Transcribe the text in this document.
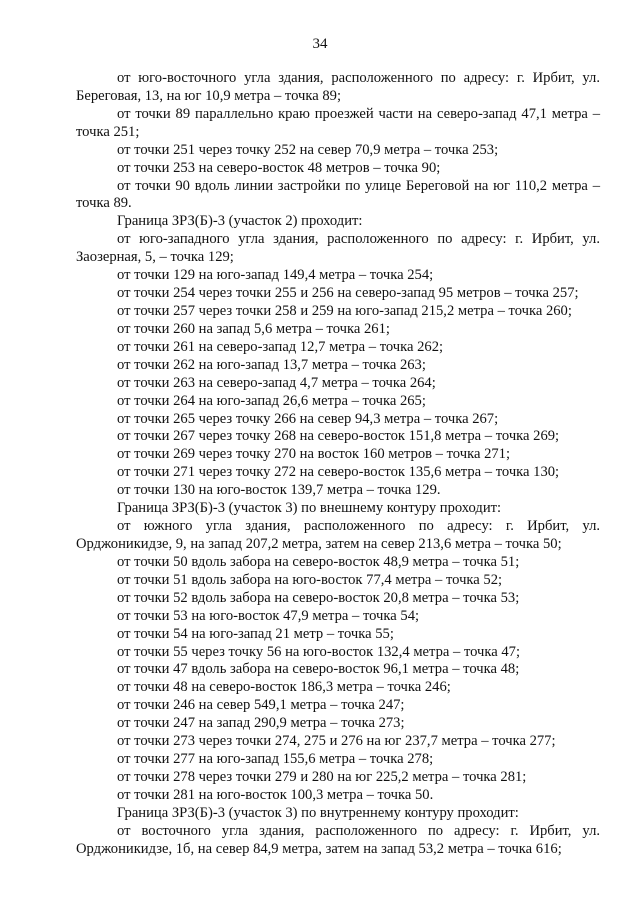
34

от юго-восточного угла здания, расположенного по адресу: г. Ирбит, ул. Береговая, 13, на юг 10,9 метра – точка 89;

от точки 89 параллельно краю проезжей части на северо-запад 47,1 метра – точка 251;

от точки 251 через точку 252 на север 70,9 метра – точка 253;

от точки 253 на северо-восток 48 метров – точка 90;

от точки 90 вдоль линии застройки по улице Береговой на юг 110,2 метра – точка 89.

Граница ЗРЗ(Б)-3 (участок 2) проходит:

от юго-западного угла здания, расположенного по адресу: г. Ирбит, ул. Заозерная, 5, – точка 129;

от точки 129 на юго-запад 149,4 метра – точка 254;

от точки 254 через точки 255 и 256 на северо-запад 95 метров – точка 257;

от точки 257 через точки 258 и 259 на юго-запад 215,2 метра – точка 260;

от точки 260 на запад 5,6 метра – точка 261;

от точки 261 на северо-запад 12,7 метра – точка 262;

от точки 262 на юго-запад 13,7 метра – точка 263;

от точки 263 на северо-запад 4,7 метра – точка 264;

от точки 264 на юго-запад 26,6 метра – точка 265;

от точки 265 через точку 266 на север 94,3 метра – точка 267;

от точки 267 через точку 268 на северо-восток 151,8 метра – точка 269;

от точки 269 через точку 270 на восток 160 метров – точка 271;

от точки 271 через точку 272 на северо-восток 135,6 метра – точка 130;

от точки 130 на юго-восток 139,7 метра – точка 129.

Граница ЗРЗ(Б)-3 (участок 3) по внешнему контуру проходит:

от южного угла здания, расположенного по адресу: г. Ирбит, ул. Орджоникидзе, 9, на запад 207,2 метра, затем на север 213,6 метра – точка 50;

от точки 50 вдоль забора на северо-восток 48,9 метра – точка 51;

от точки 51 вдоль забора на юго-восток 77,4 метра – точка 52;

от точки 52 вдоль забора на северо-восток 20,8 метра – точка 53;

от точки 53 на юго-восток 47,9 метра – точка 54;

от точки 54 на юго-запад 21 метр – точка 55;

от точки 55 через точку 56 на юго-восток 132,4 метра – точка 47;

от точки 47 вдоль забора на северо-восток 96,1 метра – точка 48;

от точки 48 на северо-восток 186,3 метра – точка 246;

от точки 246 на север 549,1 метра – точка 247;

от точки 247 на запад 290,9 метра – точка 273;

от точки 273 через точки 274, 275 и 276 на юг 237,7 метра – точка 277;

от точки 277 на юго-запад 155,6 метра – точка 278;

от точки 278 через точки 279 и 280 на юг 225,2 метра – точка 281;

от точки 281 на юго-восток 100,3 метра – точка 50.

Граница ЗРЗ(Б)-3 (участок 3) по внутреннему контуру проходит:

от восточного угла здания, расположенного по адресу: г. Ирбит, ул. Орджоникидзе, 1б, на север 84,9 метра, затем на запад 53,2 метра – точка 616;
